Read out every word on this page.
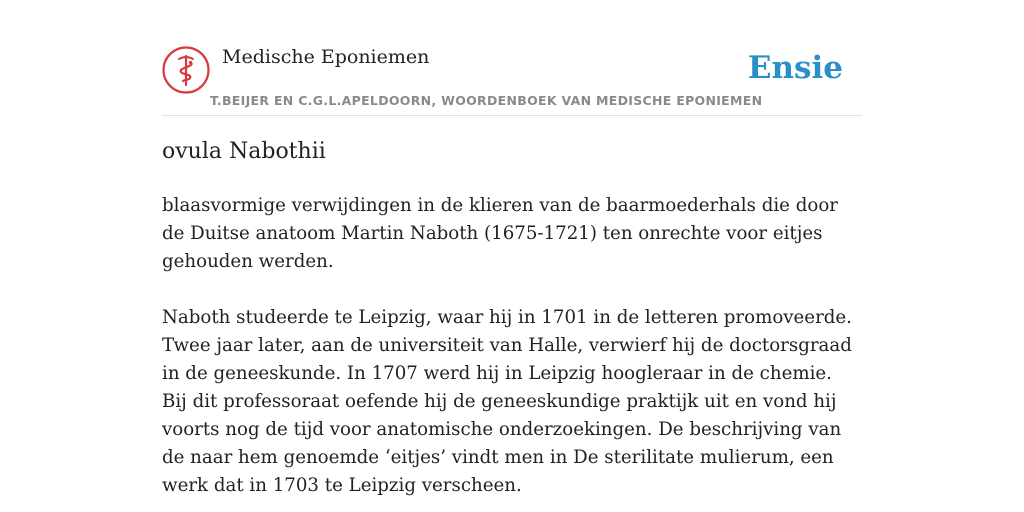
Medische Eponiemen
T.BEIJER EN C.G.L.APELDOORN, WOORDENBOEK VAN MEDISCHE EPONIEMEN
Ensie
ovula Nabothii

blaasvormige verwijdingen in de klieren van de baarmoederhals die door de Duitse anatoom Martin Naboth (1675-1721) ten onrechte voor eitjes gehouden werden.

Naboth studeerde te Leipzig, waar hij in 1701 in de letteren promoveerde. Twee jaar later, aan de universiteit van Halle, verwierf hij de doctorsgraad in de geneeskunde. In 1707 werd hij in Leipzig hoogleraar in de chemie. Bij dit professoraat oefende hij de geneeskundige praktijk uit en vond hij voorts nog de tijd voor anatomische onderzoekingen. De beschrijving van de naar hem genoemde ‘eitjes’ vindt men in De sterilitate mulierum, een werk dat in 1703 te Leipzig verscheen.
